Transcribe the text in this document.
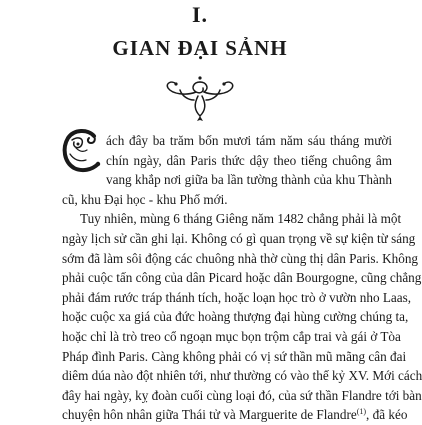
I.
GIAN ĐẠI SẢNH
ách đây ba trăm bốn mươi tám năm sáu tháng mười
chín ngày, dân Paris thức dậy theo tiếng chuông âm
vang khắp nơi giữa ba lần tường thành của khu Thành
cũ, khu Đại học - khu Phố mới.
Tuy nhiên, mùng 6 tháng Giêng năm 1482 chẳng phải là một
ngày lịch sử cần ghi lại. Không có gì quan trọng về sự kiện từ sáng
sớm đã làm sôi động các chuông nhà thờ cùng thị dân Paris. Không
phải cuộc tấn công của dân Picard hoặc dân Bourgogne, cũng chẳng
phải đám rước tráp thánh tích, hoặc loạn học trò ở vườn nho Laas,
hoặc cuộc xa giá của đức hoàng thượng đại hùng cường chúng ta,
hoặc chỉ là trò treo cổ ngoạn mục bọn trộm cắp trai và gái ở Tòa
Pháp đình Paris. Càng không phải có vị sứ thần mũ mãng cân đai
diêm dúa nào đột nhiên tới, như thường có vào thế kỷ XV. Mới cách
đây hai ngày, kỵ đoàn cuối cùng loại đó, của sứ thần Flandre tới bàn
chuyện hôn nhân giữa Thái tử và Marguerite de Flandre$^{(1)}$, đã kéo
